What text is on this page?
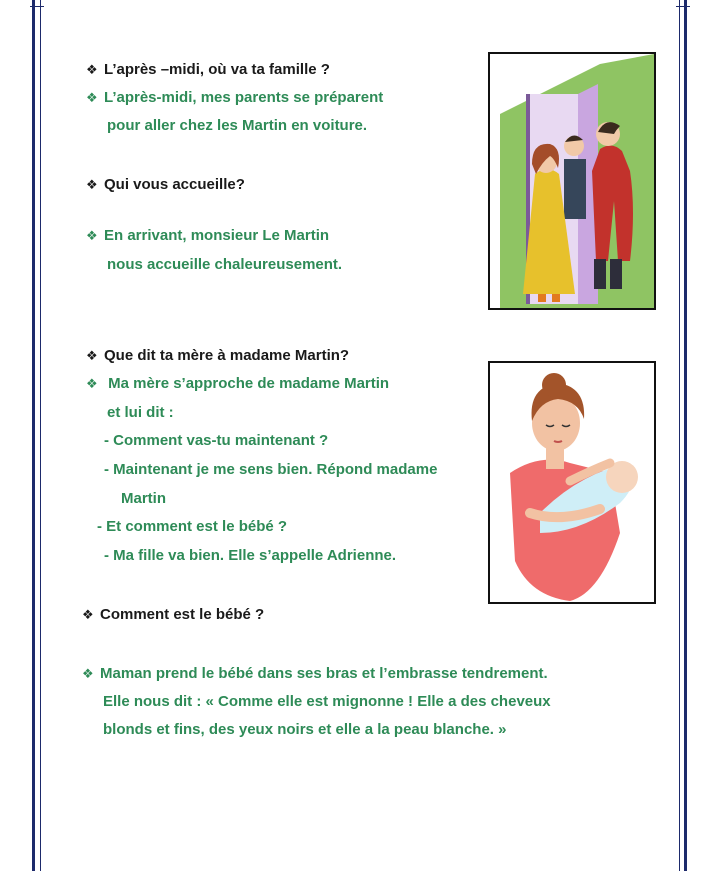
❖ L’après –midi, où va ta famille ?
❖ L’après-midi, mes parents se préparent
pour aller chez les Martin en voiture.
❖ Qui vous accueille?
❖ En arrivant, monsieur Le Martin
nous accueille chaleureusement.
❖ Que dit ta mère à madame Martin?
❖ Ma mère s’approche de madame Martin
et lui dit :
- Comment vas-tu maintenant ?
- Maintenant je me sens bien. Répond madame
Martin
- Et comment est le bébé ?
- Ma fille va bien. Elle s’appelle Adrienne.
❖ Comment est le bébé ?
❖ Maman prend le bébé dans ses bras et l’embrasse tendrement.
Elle nous dit : « Comme elle est mignonne ! Elle a des cheveux
blonds et fins, des yeux noirs et elle a la peau blanche. »
